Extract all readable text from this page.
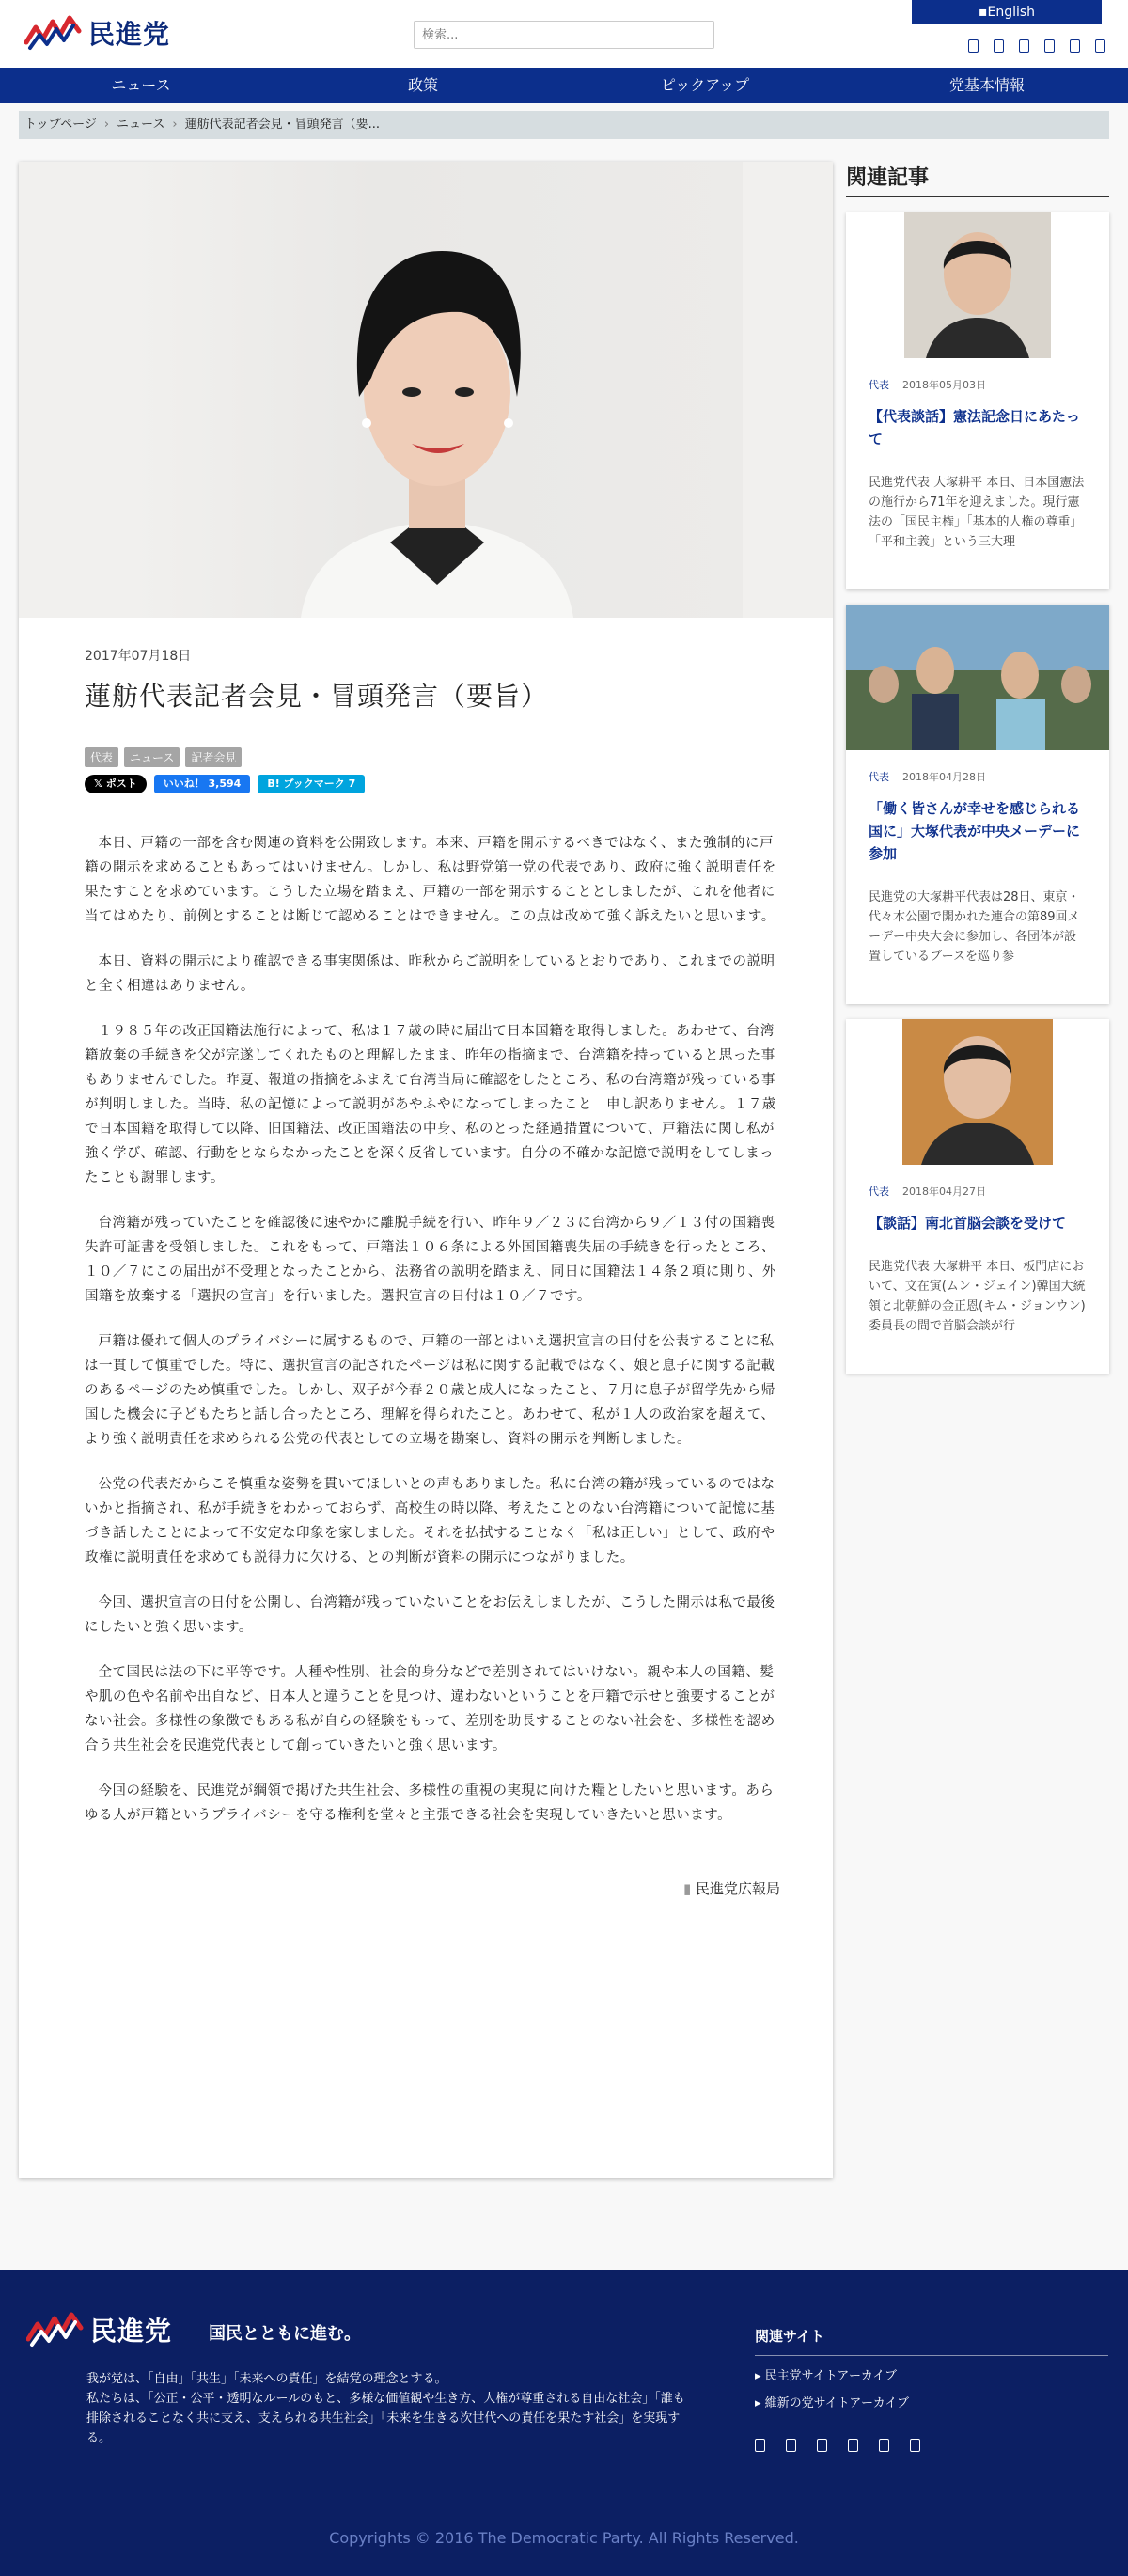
民進党
検索...
▪English
ニュース	政策	ピックアップ	党基本情報
トップページ › ニュース › 蓮舫代表記者会見・冒頭発言（要...
2017年07月18日
蓮舫代表記者会見・冒頭発言（要旨）
代表	ニュース	記者会見
𝕏 ポスト	いいね！ 3,594	B! ブックマーク 7

本日、戸籍の一部を含む関連の資料を公開致します。本来、戸籍を開示するべきではなく、また強制的に戸籍の開示を求めることもあってはいけません。しかし、私は野党第一党の代表であり、政府に強く説明責任を果たすことを求めています。こうした立場を踏まえ、戸籍の一部を開示することとしましたが、これを他者に当てはめたり、前例とすることは断じて認めることはできません。この点は改めて強く訴えたいと思います。

本日、資料の開示により確認できる事実関係は、昨秋からご説明をしているとおりであり、これまでの説明と全く相違はありません。

１９８５年の改正国籍法施行によって、私は１７歳の時に届出て日本国籍を取得しました。あわせて、台湾籍放棄の手続きを父が完遂してくれたものと理解したまま、昨年の指摘まで、台湾籍を持っていると思った事もありませんでした。昨夏、報道の指摘をふまえて台湾当局に確認をしたところ、私の台湾籍が残っている事が判明しました。当時、私の記憶によって説明があやふやになってしまったこと　申し訳ありません。１７歳で日本国籍を取得して以降、旧国籍法、改正国籍法の中身、私のとった経過措置について、戸籍法に関し私が強く学び、確認、行動をとならなかったことを深く反省しています。自分の不確かな記憶で説明をしてしまったことも謝罪します。

台湾籍が残っていたことを確認後に速やかに離脱手続を行い、昨年９／２３に台湾から９／１３付の国籍喪失許可証書を受領しました。これをもって、戸籍法１０６条による外国国籍喪失届の手続きを行ったところ、１０／７にこの届出が不受理となったことから、法務省の説明を踏まえ、同日に国籍法１４条２項に則り、外国籍を放棄する「選択の宣言」を行いました。選択宣言の日付は１０／７です。

戸籍は優れて個人のプライバシーに属するもので、戸籍の一部とはいえ選択宣言の日付を公表することに私は一貫して慎重でした。特に、選択宣言の記されたページは私に関する記載ではなく、娘と息子に関する記載のあるページのため慎重でした。しかし、双子が今春２０歳と成人になったこと、７月に息子が留学先から帰国した機会に子どもたちと話し合ったところ、理解を得られたこと。あわせて、私が１人の政治家を超えて、より強く説明責任を求められる公党の代表としての立場を勘案し、資料の開示を判断しました。

公党の代表だからこそ慎重な姿勢を貫いてほしいとの声もありました。私に台湾の籍が残っているのではないかと指摘され、私が手続きをわかっておらず、高校生の時以降、考えたことのない台湾籍について記憶に基づき話したことによって不安定な印象を家しました。それを払拭することなく「私は正しい」として、政府や政権に説明責任を求めても説得力に欠ける、との判断が資料の開示につながりました。

今回、選択宣言の日付を公開し、台湾籍が残っていないことをお伝えしましたが、こうした開示は私で最後にしたいと強く思います。

全て国民は法の下に平等です。人種や性別、社会的身分などで差別されてはいけない。親や本人の国籍、髪や肌の色や名前や出自など、日本人と違うことを見つけ、違わないということを戸籍で示せと強要することがない社会。多様性の象徴でもある私が自らの経験をもって、差別を助長することのない社会を、多様性を認め合う共生社会を民進党代表として創っていきたいと強く思います。

今回の経験を、民進党が綱領で掲げた共生社会、多様性の重視の実現に向けた糧としたいと思います。あらゆる人が戸籍というプライバシーを守る権利を堂々と主張できる社会を実現していきたいと思います。

▮ 民進党広報局
関連記事
代表 2018年05月03日
【代表談話】憲法記念日にあたって
民進党代表 大塚耕平 本日、日本国憲法の施行から71年を迎えました。現行憲法の「国民主権」「基本的人権の尊重」「平和主義」という三大理
代表 2018年04月28日
「働く皆さんが幸せを感じられる国に」大塚代表が中央メーデーに参加
民進党の大塚耕平代表は28日、東京・代々木公園で開かれた連合の第89回メーデー中央大会に参加し、各団体が設置しているブースを巡り参
代表 2018年04月27日
【談話】南北首脳会談を受けて
民進党代表 大塚耕平 本日、板門店において、文在寅(ムン・ジェイン)韓国大統領と北朝鮮の金正恩(キム・ジョンウン)委員長の間で首脳会談が行
民進党 国民とともに進む。
我が党は、「自由」「共生」「未来への責任」を結党の理念とする。
私たちは、「公正・公平・透明なルールのもと、多様な価値観や生き方、人権が尊重される自由な社会」「誰も排除されることなく共に支え、支えられる共生社会」「未来を生きる次世代への責任を果たす社会」を実現する。
関連サイト
▸ 民主党サイトアーカイブ
▸ 維新の党サイトアーカイブ
Copyrights © 2016 The Democratic Party. All Rights Reserved.
